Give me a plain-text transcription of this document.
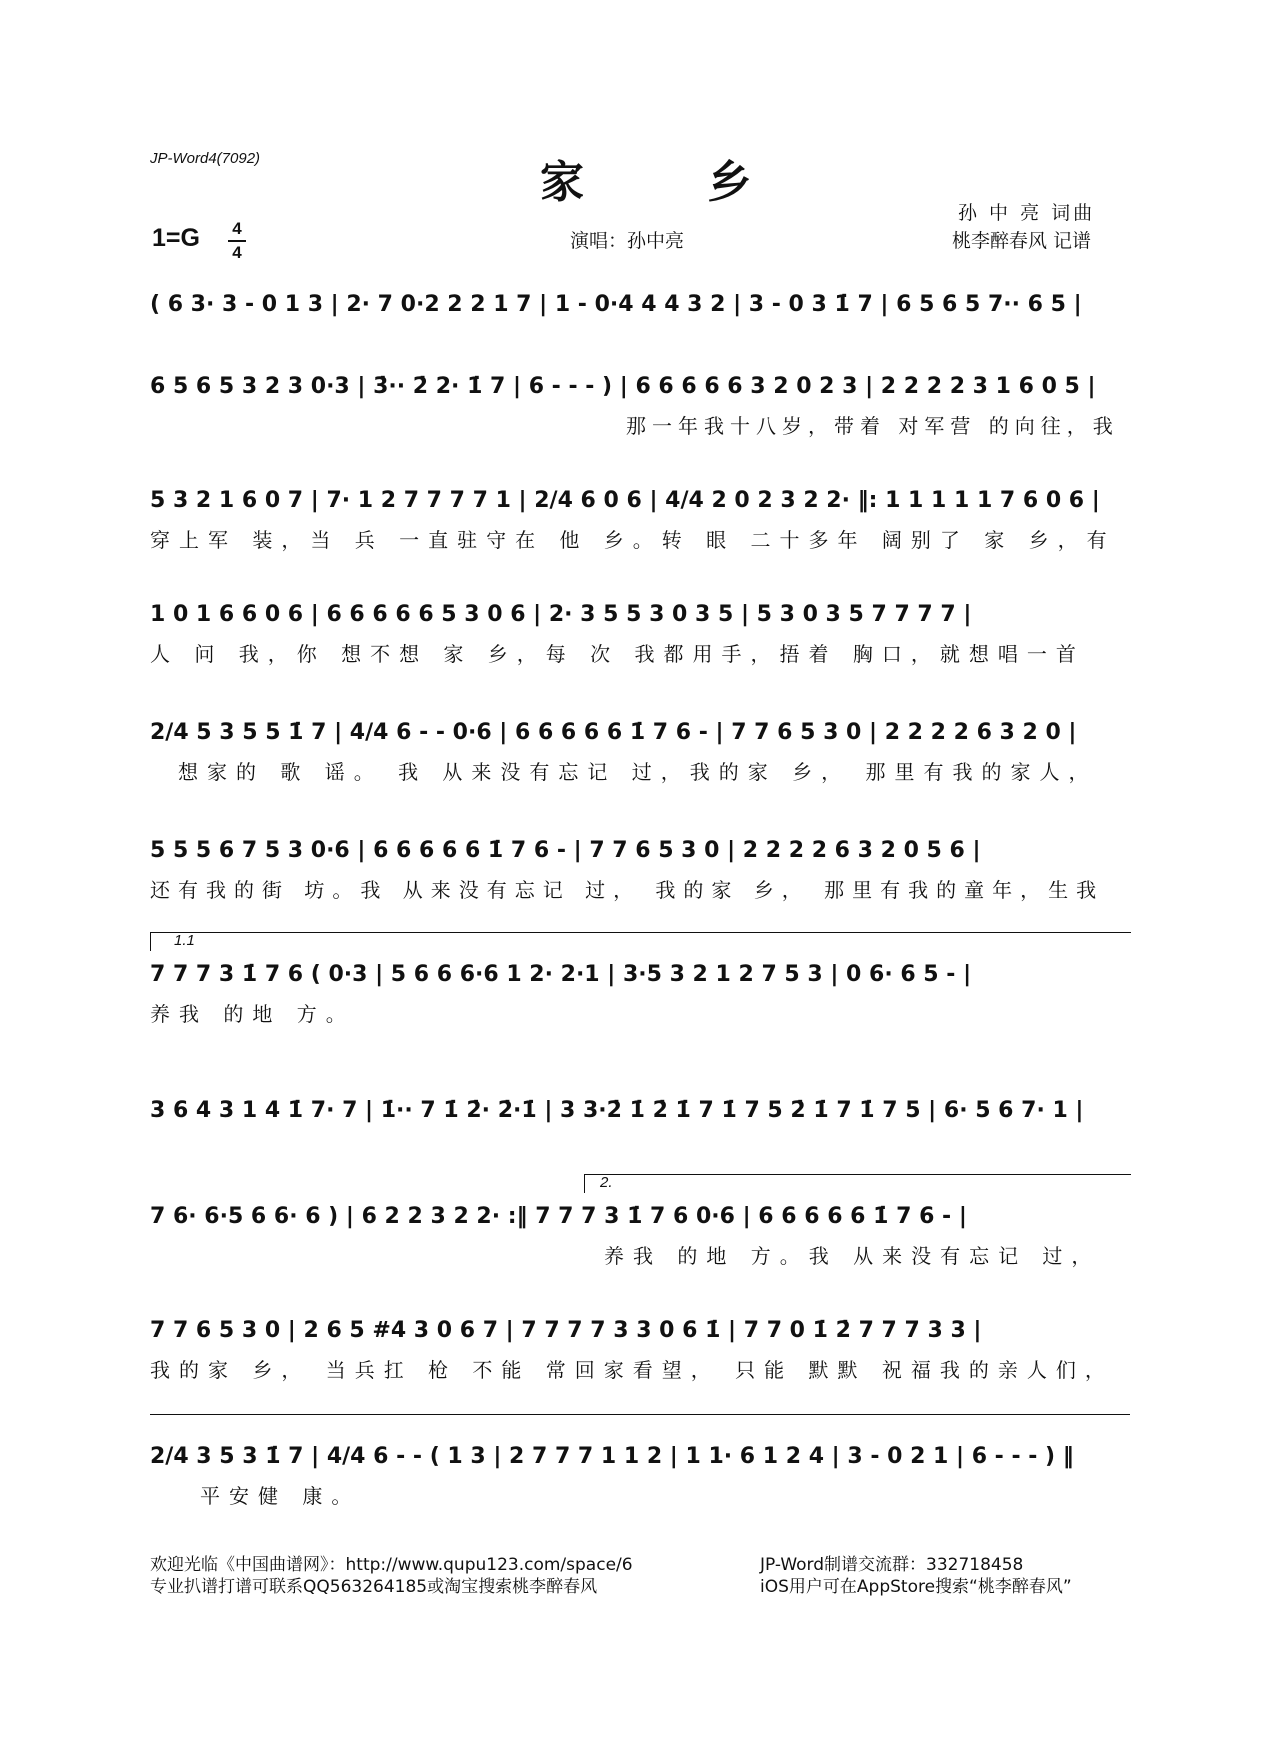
JP-Word4(7092)	家 乡
1=G 4
4
演唱：孙中亮
孙 中 亮 词曲
桃李醉春风 记谱
( 6 3· 3 - 0 1 3 | 2· 7 0·2 2 2 1 7 | 1 - 0·4 4 4 3 2 | 3 - 0 3 1̇ 7 | 6 5 6 5 7·· 6 5 |
6 5 6 5 3 2 3 0·3 | 3̇·· 2̇ 2· 1̇ 7 | 6 - - - ) | 6 6 6 6 6 3 2 0 2 3 | 2 2 2 2 3 1 6 0 5 |
那一年我十八岁，带着 对军营 的向往，我
5 3 2 1 6 0 7 | 7· 1 2 7 7 7 7 1 | 2/4 6 0 6 | 4/4 2 0 2 3 2 2· ‖: 1 1 1 1 1 7 6 0 6 |
穿上军 装，当 兵 一直驻守在 他 乡。转 眼 二十多年 阔别了 家 乡，有
1 0 1 6 6 0 6 | 6 6 6 6 6 5 3 0 6 | 2· 3 5 5 3 0 3 5 | 5 3 0 3 5 7 7 7 7 |
人 问 我，你 想不想 家 乡，每 次 我都用手，捂着 胸口，就想唱一首
2/4 5 3 5 5 1̇ 7 | 4/4 6 - - 0·6 | 6 6 6 6 6 1̇ 7 6 - | 7 7 6 5 3 0 | 2 2 2 2 6 3 2 0 |
想家的 歌 谣。 我 从来没有忘记 过，我的家 乡， 那里有我的家人，
5 5 5 6 7 5 3 0·6 | 6 6 6 6 6 1̇ 7 6 - | 7 7 6 5 3 0 | 2 2 2 2 6 3 2 0 5 6 |
还有我的街 坊。我 从来没有忘记 过， 我的家 乡， 那里有我的童年，生我
1.1
7 7 7 3 1̇ 7 6 ( 0·3 | 5 6 6 6·6 1 2· 2·1 | 3·5 3 2 1 2 7 5 3 | 0 6· 6 5 - |
养我 的地 方。
3 6 4 3 1 4 1̇ 7· 7 | 1̇·· 7 1̇ 2̇· 2̇·1̇ | 3 3·2̇ 1̇ 2̇ 1̇ 7 1̇ 7 5 2̇ 1̇ 7 1̇ 7 5 | 6· 5 6 7· 1 |
2.
7 6· 6·5 6 6· 6 ) | 6 2 2 3 2 2· :‖ 7 7 7 3 1̇ 7 6 0·6 | 6 6 6 6 6 1̇ 7 6 - |
养我 的地 方。我 从来没有忘记 过，
7 7 6 5 3 0 | 2 6 5 #4 3 0 6 7 | 7 7 7 7 3 3 0 6 1̇ | 7 7 0 1̇ 2̇ 7 7 7 3 3 |
我的家 乡， 当兵扛 枪 不能 常回家看望， 只能 默默 祝福我的亲人们，
2/4 3 5 3 1̇ 7 | 4/4 6 - - ( 1 3 | 2 7 7 7 1 1 2 | 1 1· 6 1 2 4 | 3 - 0 2 1 | 6 - - - ) ‖
平安健 康。
欢迎光临《中国曲谱网》：http://www.qupu123.com/space/6
专业扒谱打谱可联系QQ563264185或淘宝搜索桃李醉春风
JP-Word制谱交流群：332718458
iOS用户可在AppStore搜索“桃李醉春风”
